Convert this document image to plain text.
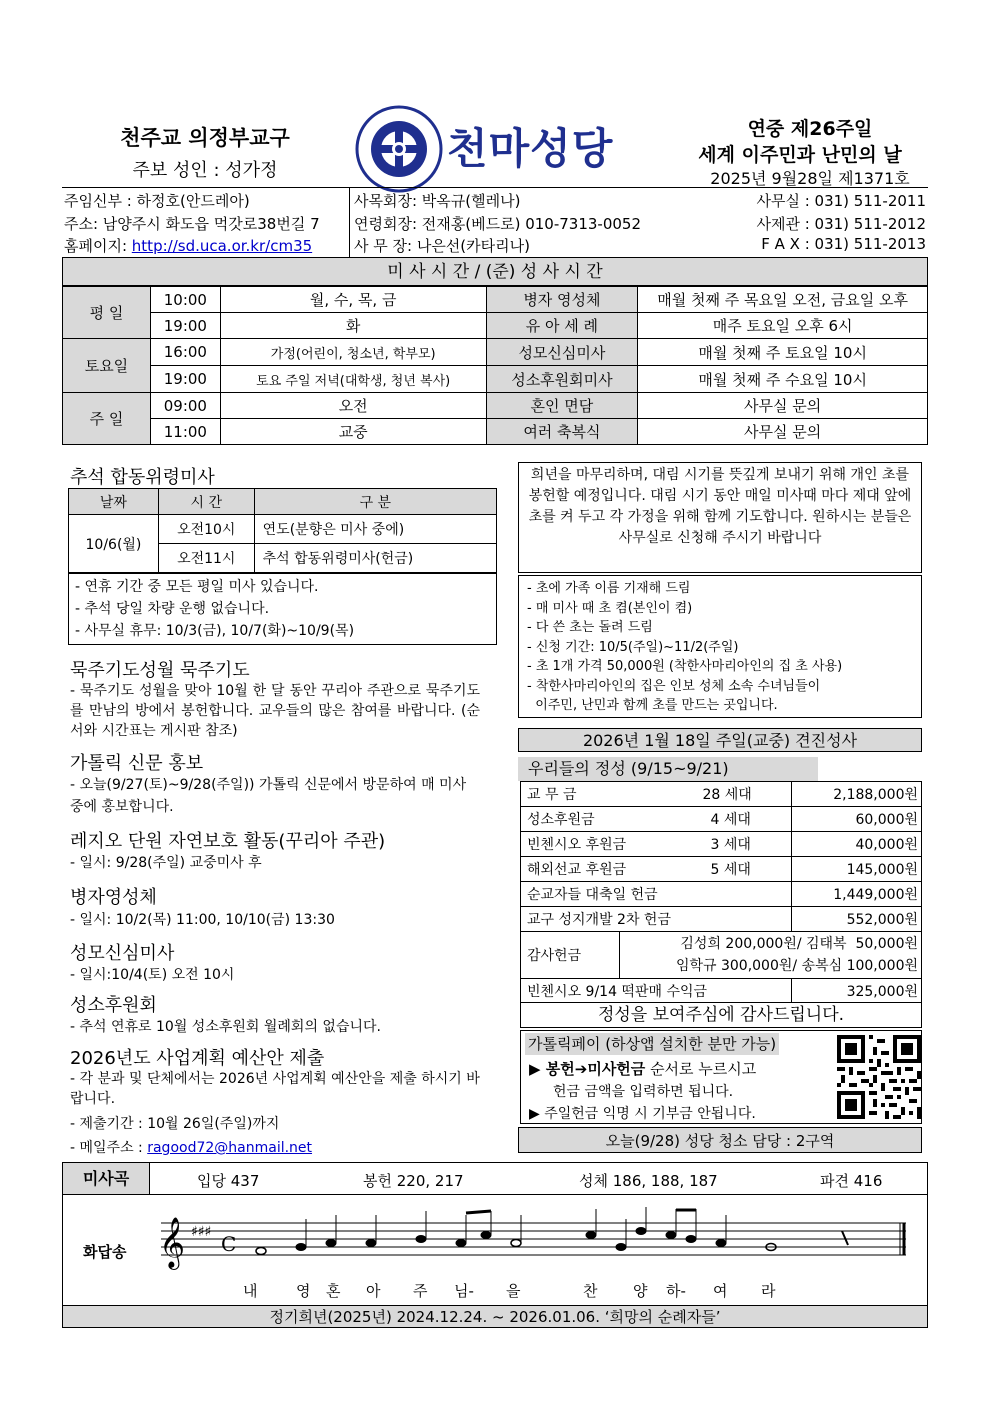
천주교 의정부교구
주보 성인 : 성가정	천마성당	연중 제26주일
세계 이주민과 난민의 날
2025년 9월28일 제1371호
주임신부 : 하정호(안드레아)
주소: 남양주시 화도읍 먹갓로38번길 7
홈페이지: http://sd.uca.or.kr/cm35
사목회장: 박옥규(헬레나)
연령회장: 전재홍(베드로) 010-7313-0052
사 무 장: 나은선(카타리나)
사무실 : 031) 511-2011
사제관 : 031) 511-2012
F A X : 031) 511-2013
미 사 시 간 / (준) 성 사 시 간
평 일	10:00	월, 수, 목, 금	병자 영성체	매월 첫째 주 목요일 오전, 금요일 오후
	19:00	화	유 아 세 례	매주 토요일 오후 6시
토요일	16:00	가정(어린이, 청소년, 학부모)	성모신심미사	매월 첫째 주 토요일 10시
	19:00	토요 주일 저녁(대학생, 청년 복사)	성소후원회미사	매월 첫째 주 수요일 10시
주 일	09:00	오전	혼인 면담	사무실 문의
	11:00	교중	여러 축복식	사무실 문의
추석 합동위령미사
날짜	시 간	구 분
10/6(월)	오전10시	연도(분향은 미사 중에)
	오전11시	추석 합동위령미사(헌금)
- 연휴 기간 중 모든 평일 미사 있습니다.
- 추석 당일 차량 운행 없습니다.
- 사무실 휴무: 10/3(금), 10/7(화)~10/9(목)
묵주기도성월 묵주기도
- 묵주기도 성월을 맞아 10월 한 달 동안 꾸리아 주관으로 묵주기도를 만남의 방에서 봉헌합니다. 교우들의 많은 참여를 바랍니다. (순서와 시간표는 게시판 참조)
가톨릭 신문 홍보
- 오늘(9/27(토)~9/28(주일)) 가톨릭 신문에서 방문하여 매 미사 중에 홍보합니다.
레지오 단원 자연보호 활동(꾸리아 주관)
- 일시: 9/28(주일) 교중미사 후
병자영성체
- 일시: 10/2(목) 11:00, 10/10(금) 13:30
성모신심미사
- 일시:10/4(토) 오전 10시
성소후원회
- 추석 연휴로 10월 성소후원회 월례회의 없습니다.
2026년도 사업계획 예산안 제출
- 각 분과 및 단체에서는 2026년 사업계획 예산안을 제출 하시기 바랍니다.
- 제출기간 : 10월 26일(주일)까지
- 메일주소 : ragood72@hanmail.net
희년을 마무리하며, 대림 시기를 뜻깊게 보내기 위해 개인 초를 봉헌할 예정입니다. 대림 시기 동안 매일 미사때 마다 제대 앞에 초를 켜 두고 각 가정을 위해 함께 기도합니다. 원하시는 분들은 사무실로 신청해 주시기 바랍니다
- 초에 가족 이름 기재해 드림
- 매 미사 때 초 켬(본인이 켬)
- 다 쓴 초는 돌려 드림
- 신청 기간: 10/5(주일)~11/2(주일)
- 초 1개 가격 50,000원 (착한사마리아인의 집 초 사용)
- 착한사마리아인의 집은 인보 성체 소속 수녀님들이
이주민, 난민과 함께 초를 만드는 곳입니다.
2026년 1월 18일 주일(교중) 견진성사
우리들의 정성 (9/15~9/21)
교 무 금 28 세대		2,188,000원
성소후원금 4 세대		60,000원
빈첸시오 후원금 3 세대		40,000원
해외선교 후원금 5 세대		145,000원
순교자들 대축일 헌금		1,449,000원
교구 성지개발 2차 헌금		552,000원
감사헌금	김성희 200,000원/ 김태복  50,000원
임학규 300,000원/ 송복심 100,000원	

빈첸시오 9/14 떡판매 수익금		325,000원
정성을 보여주심에 감사드립니다.
가톨릭페이 (하상앱 설치한 분만 가능)
▶ 봉헌➔미사헌금 순서로 누르시고
헌금 금액을 입력하면 됩니다.
▶ 주일헌금 익명 시 기부금 안됩니다.
오늘(9/28) 성당 청소 담당 : 2구역
미사곡	입당 437	봉헌 220, 217	성체 186, 188, 187	파견 416
화답송 𝄞 ♯♯♯ C
내	영 혼 아 주 님- 을	찬 양 하- 여 라
정기희년(2025년) 2024.12.24. ~ 2026.01.06. ‘희망의 순례자들’
